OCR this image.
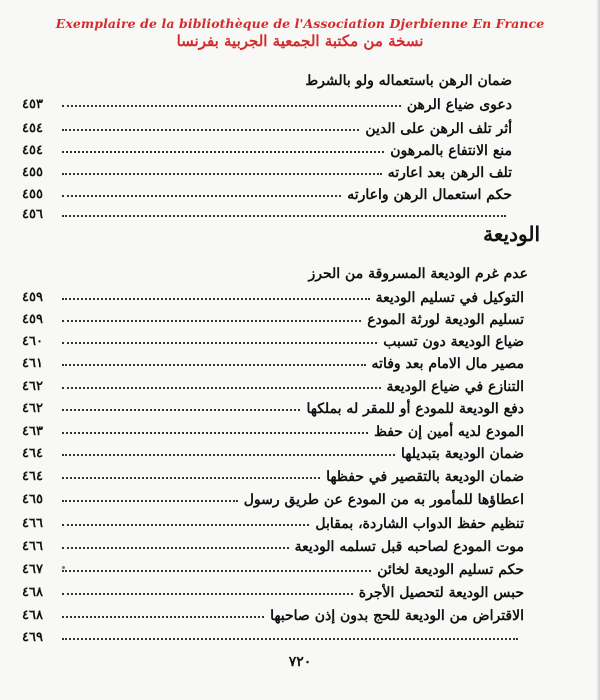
Exemplaire de la bibliothèque de l'Association Djerbienne En France
نسخة من مكتبة الجمعية الجربية بفرنسا
ضمان الرهن باستعماله ولو بالشرط
دعوى ضياع الرهن
٤٥٣
أثر تلف الرهن على الدين
٤٥٤
منع الانتفاع بالمرهون
٤٥٤
تلف الرهن بعد اعارته
٤٥٥
حكم استعمال الرهن واعارته
٤٥٥
٤٥٦
الوديعة
عدم غرم الوديعة المسروقة من الحرز
التوكيل في تسليم الوديعة
٤٥٩
تسليم الوديعة لورثة المودع
٤٥٩
ضياع الوديعة دون تسبب
٤٦٠
مصير مال الامام بعد وفاته
٤٦١
التنازع في ضياع الوديعة
٤٦٢
دفع الوديعة للمودع أو للمقر له بملكها
٤٦٢
المودع لديه أمين إن حفظ
٤٦٣
ضمان الوديعة بتبديلها
٤٦٤
ضمان الوديعة بالتقصير في حفظها
٤٦٤
اعطاؤها للمأمور به من المودع عن طريق رسول
٤٦٥
تنظيم حفظ الدواب الشاردة، بمقابل
٤٦٦
موت المودع لصاحبه قبل تسلمه الوديعة
٤٦٦
حكم تسليم الوديعة لخائن
٤٦٧
حبس الوديعة لتحصيل الأجرة
٤٦٨
الاقتراض من الوديعة للحج بدون إذن صاحبها
٤٦٨
٤٦٩
٧٢٠
